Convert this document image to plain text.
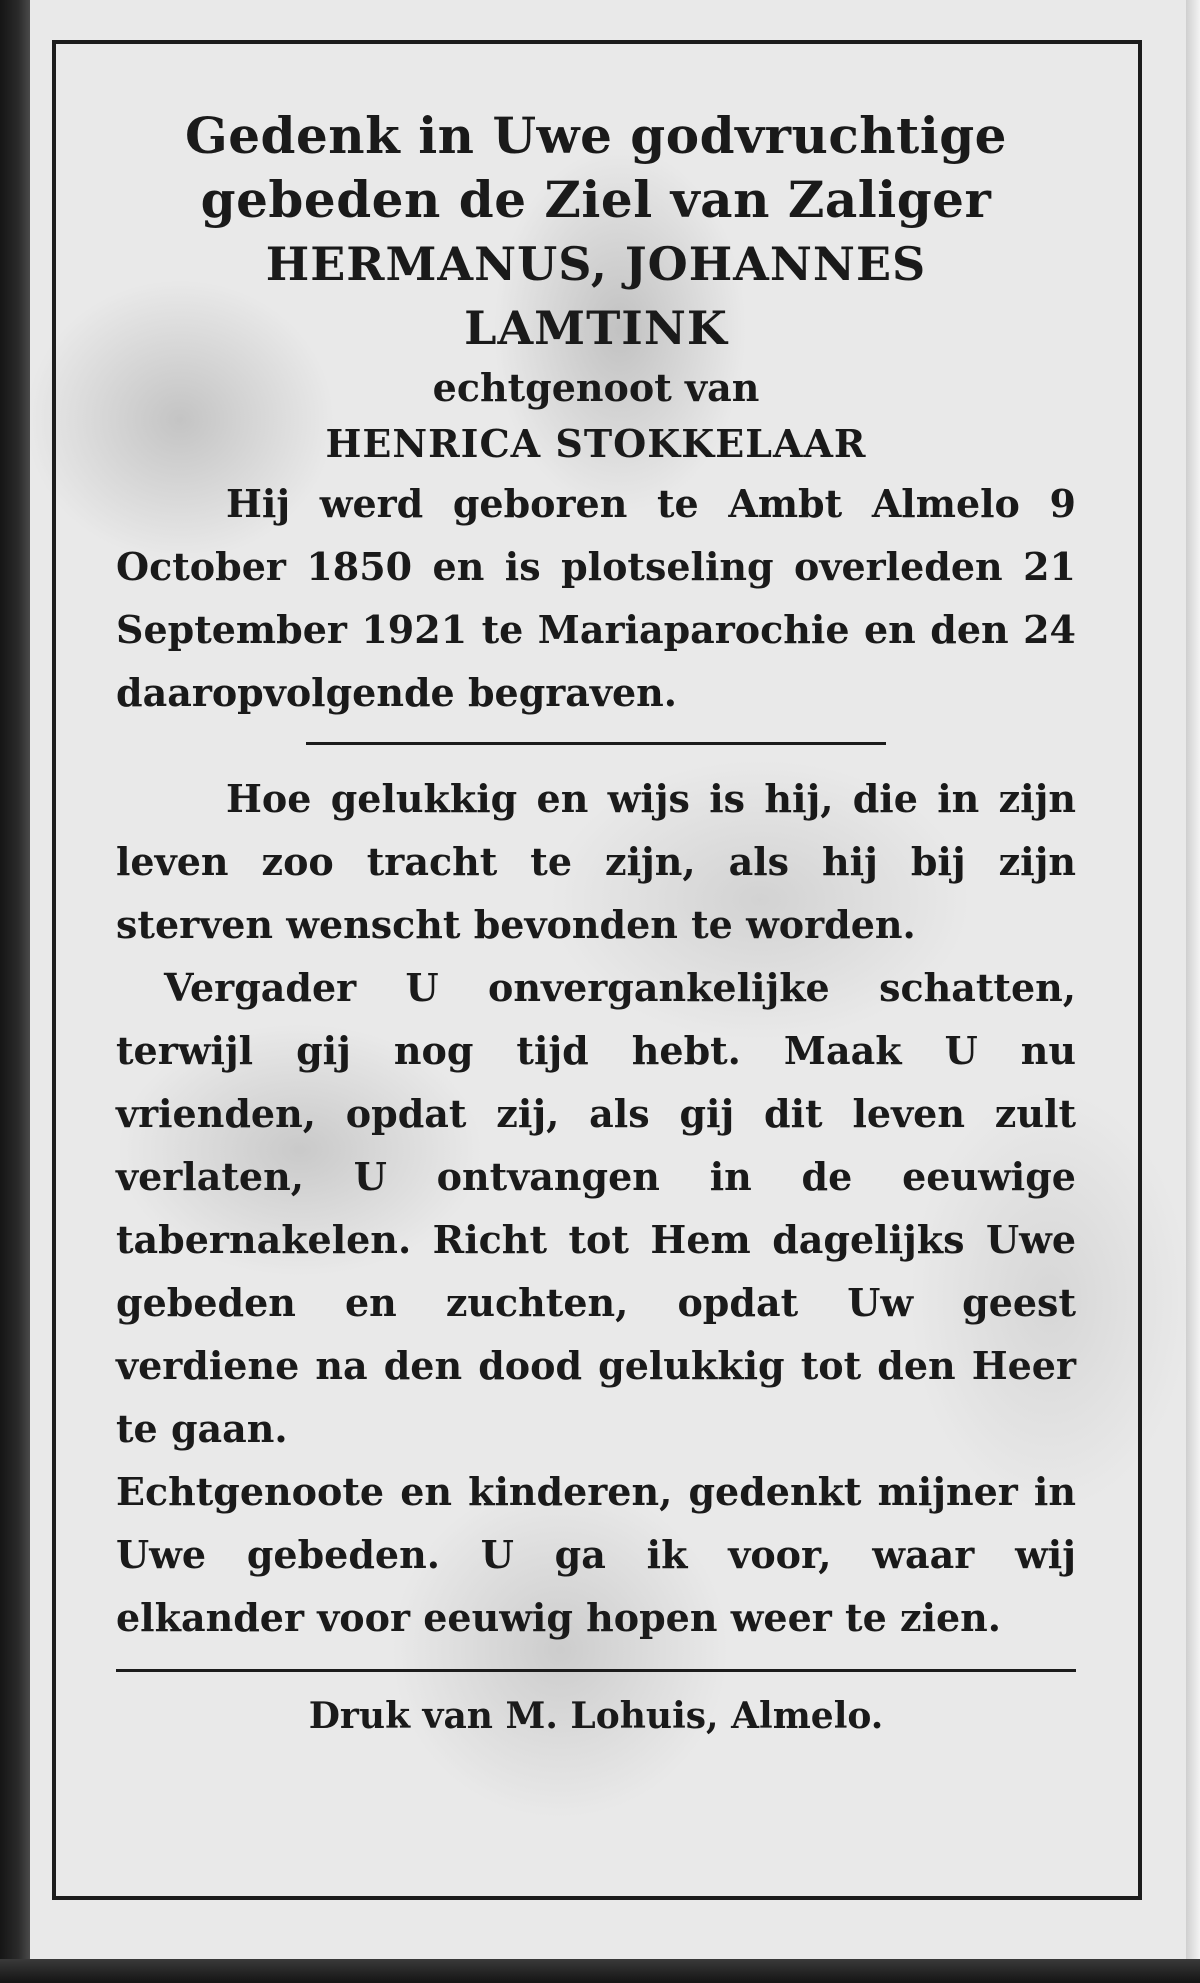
Gedenk in Uwe godvruchtige
gebeden de Ziel van Zaliger
HERMANUS, JOHANNES
LAMTINK
echtgenoot van
HENRICA STOKKELAAR
Hij werd geboren te Ambt Almelo 9 October 1850 en is plotseling overleden 21 September 1921 te Mariaparochie en den 24 daaropvolgende begraven.
Hoe gelukkig en wijs is hij, die in zijn leven zoo tracht te zijn, als hij bij zijn sterven wenscht bevonden te worden.
Vergader U onvergankelijke schatten, terwijl gij nog tijd hebt. Maak U nu vrienden, opdat zij, als gij dit leven zult verlaten, U ontvangen in de eeuwige tabernakelen. Richt tot Hem dagelijks Uwe gebeden en zuchten, opdat Uw geest verdiene na den dood gelukkig tot den Heer te gaan.
Echtgenoote en kinderen, gedenkt mijner in Uwe gebeden. U ga ik voor, waar wij elkander voor eeuwig hopen weer te zien.
Druk van M. Lohuis, Almelo.
